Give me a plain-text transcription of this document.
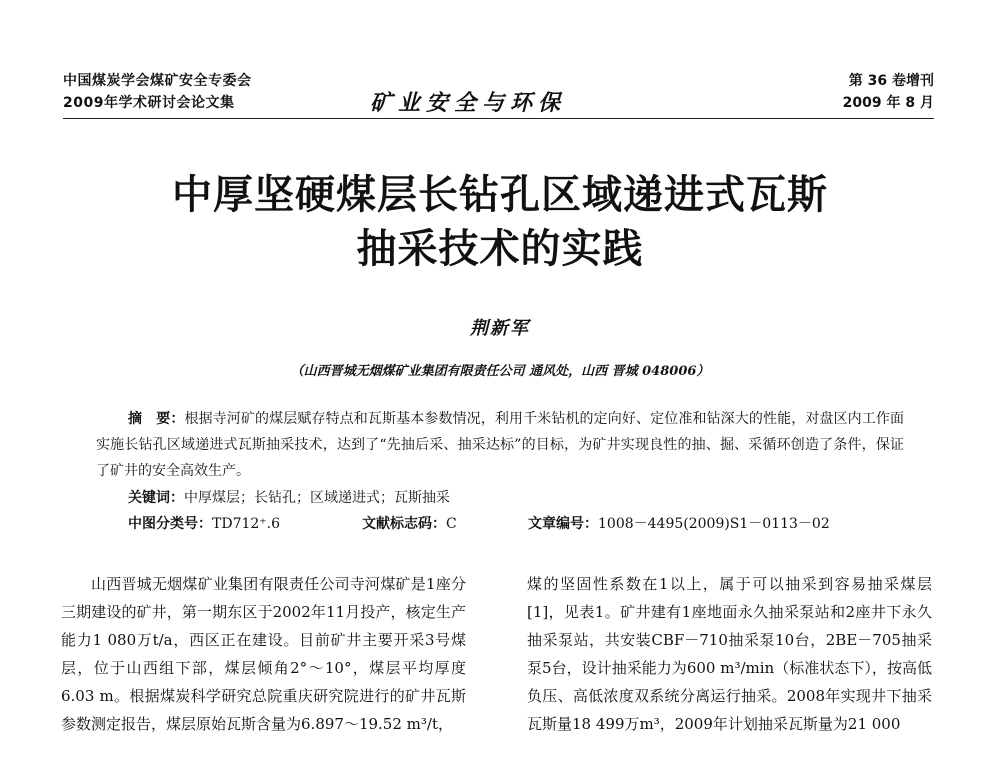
中国煤炭学会煤矿安全专委会
2009年学术研讨会论文集	矿业安全与环保
第 36 卷增刊
2009 年 8 月
中厚坚硬煤层长钻孔区域递进式瓦斯
抽采技术的实践
荆新军
（山西晋城无烟煤矿业集团有限责任公司 通风处，山西 晋城 048006）
摘　要：根据寺河矿的煤层赋存特点和瓦斯基本参数情况，利用千米钻机的定向好、定位准和钻深大的性能，对盘区内工作面实施长钻孔区域递进式瓦斯抽采技术，达到了“先抽后采、抽采达标”的目标，为矿井实现良性的抽、掘、采循环创造了条件，保证了矿井的安全高效生产。
关键词：中厚煤层；长钻孔；区域递进式；瓦斯抽采
中图分类号：TD712⁺.6	文献标志码：C	文章编号：1008－4495(2009)S1－0113－02

山西晋城无烟煤矿业集团有限责任公司寺河煤矿是1座分三期建设的矿井，第一期东区于2002年11月投产，核定生产能力1 080万t/a，西区正在建设。目前矿井主要开采3号煤层，位于山西组下部，煤层倾角2°～10°，煤层平均厚度6.03 m。根据煤炭科学研究总院重庆研究院进行的矿井瓦斯参数测定报告，煤层原始瓦斯含量为6.897～19.52 m³/t，

煤的坚固性系数在1以上，属于可以抽采到容易抽采煤层[1]，见表1。矿井建有1座地面永久抽采泵站和2座井下永久抽采泵站，共安装CBF－710抽采泵10台，2BE－705抽采泵5台，设计抽采能力为600 m³/min（标准状态下），按高低负压、高低浓度双系统分离运行抽采。2008年实现井下抽采瓦斯量18 499万m³，2009年计划抽采瓦斯量为21 000
